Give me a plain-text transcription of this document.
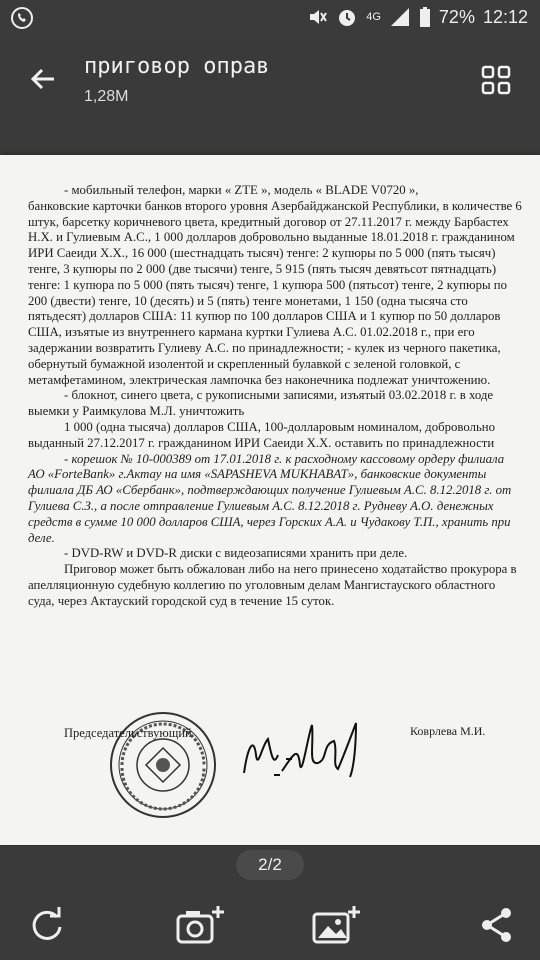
4G	72% 12:12
приговор оправ
1,28M

- мобильный телефон, марки « ZTE », модель « BLADE V0720 »,

банковские карточки банков второго уровня Азербайджанской Республики, в количестве 6 штук, барсетку коричневого цвета, кредитный договор от 27.11.2017 г. между Барбастех Н.Х. и Гулиевым А.С., 1 000 долларов добровольно выданные 18.01.2018 г. гражданином ИРИ Саеиди Х.Х., 16 000 (шестнадцать тысяч) тенге: 2 купюры по 5 000 (пять тысяч) тенге, 3 купюры по 2 000 (две тысячи) тенге, 5 915 (пять тысяч девятьсот пятнадцать) тенге: 1 купюра по 5 000 (пять тысяч) тенге, 1 купюра 500 (пятьсот) тенге, 2 купюры по 200 (двести) тенге, 10 (десять) и 5 (пять) тенге монетами, 1 150 (одна тысяча сто пятьдесят) долларов США: 11 купюр по 100 долларов США и 1 купюр по 50 долларов США, изъятые из внутреннего кармана куртки Гулиева А.С. 01.02.2018 г., при его задержании возвратить Гулиеву А.С. по принадлежности; - кулек из черного пакетика, обернутый бумажной изолентой и скрепленный булавкой с зеленой головкой, с метамфетамином, электрическая лампочка без наконечника подлежат уничтожению.

- блокнот, синего цвета, с рукописными записями, изъятый 03.02.2018 г. в ходе выемки у Раимкулова М.Л. уничтожить

1 000 (одна тысяча) долларов США, 100-долларовым номиналом, добровольно выданный 27.12.2017 г. гражданином ИРИ Саеиди Х.Х. оставить по принадлежности

- корешок № 10-000389 от 17.01.2018 г. к расходному кассовому ордеру филиала АО «ForteBank» г.Актау на имя «SAPASHEVA MUKHABAT», банковские документы филиала ДБ АО «Сбербанк», подтверждающих получение Гулиевым А.С. 8.12.2018 г. от Гулиева С.З., а после отправление Гулиевым А.С. 8.12.2018 г. Рудневу А.О. денежных средств в сумме 10 000 долларов США, через Горских А.А. и Чудакову Т.П., хранить при деле.

- DVD-RW и DVD-R диски с видеозаписями хранить при деле.

Приговор может быть обжалован либо на него принесено ходатайство прокурора в апелляционную судебную коллегию по уголовным делам Мангистауского областного суда, через Актауский городской суд в течение 15 суток.

Председательствующий	Коврлева М.И.
2/2
